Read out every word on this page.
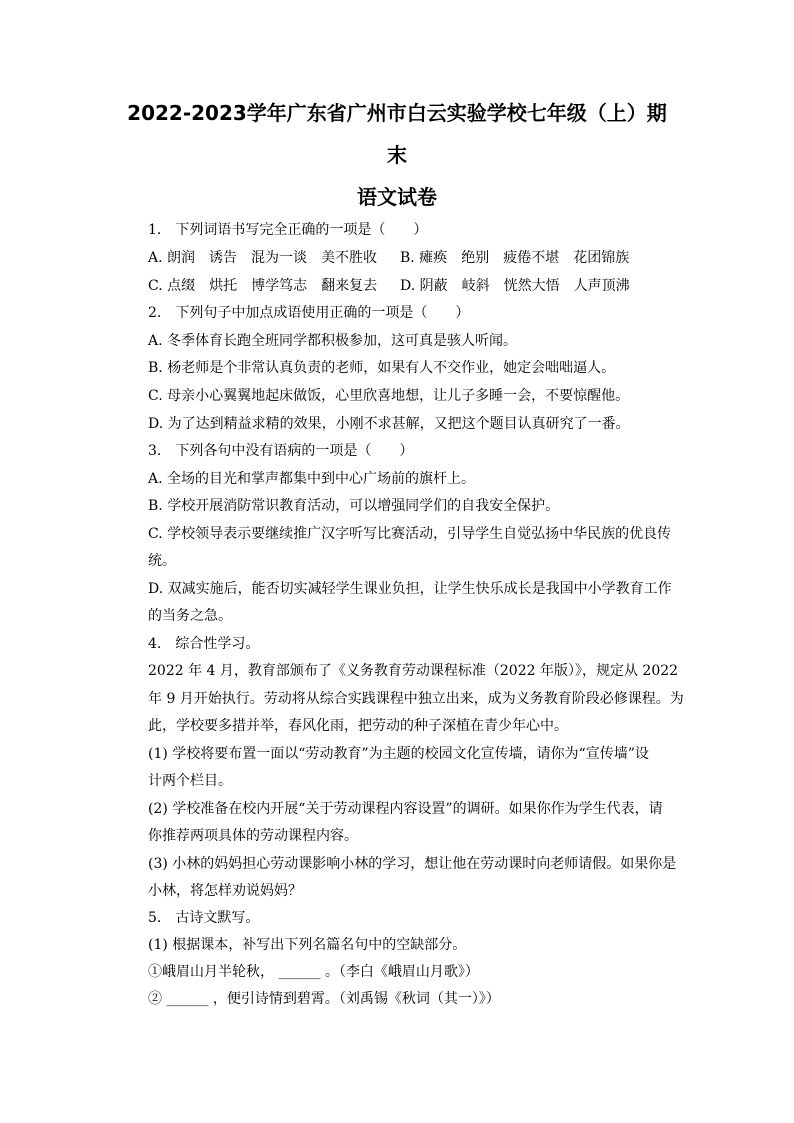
2022-2023学年广东省广州市白云实验学校七年级（上）期
末
语文试卷
1.　下列词语书写完全正确的一项是（　　）
A. 朗润　诱告　混为一谈　美不胜收 B. 瘫痪　绝别　疲倦不堪　花团锦族
C. 点缀　烘托　博学笃志　翻来复去 D. 阴蔽　岐斜　恍然大悟　人声顶沸
2.　下列句子中加点成语使用正确的一项是（　　）
A. 冬季体育长跑全班同学都积极参加，这可真是骇人听闻。
B. 杨老师是个非常认真负责的老师，如果有人不交作业，她定会咄咄逼人。
C. 母亲小心翼翼地起床做饭，心里欣喜地想，让儿子多睡一会，不要惊醒他。
D. 为了达到精益求精的效果，小刚不求甚解，又把这个题目认真研究了一番。
3.　下列各句中没有语病的一项是（　　）
A. 全场的目光和掌声都集中到中心广场前的旗杆上。
B. 学校开展消防常识教育活动，可以增强同学们的自我安全保护。
C. 学校领导表示要继续推广汉字听写比赛活动，引导学生自觉弘扬中华民族的优良传
统。
D. 双减实施后，能否切实减轻学生课业负担，让学生快乐成长是我国中小学教育工作
的当务之急。
4.　综合性学习。
2022 年 4 月，教育部颁布了《义务教育劳动课程标准（2022 年版）》，规定从 2022
年 9 月开始执行。劳动将从综合实践课程中独立出来，成为义务教育阶段必修课程。为
此，学校要多措并举，春风化雨，把劳动的种子深植在青少年心中。
(1) 学校将要布置一面以“劳动教育”为主题的校园文化宣传墙，请你为“宣传墙”设
计两个栏目。
(2) 学校准备在校内开展“关于劳动课程内容设置”的调研。如果你作为学生代表，请
你推荐两项具体的劳动课程内容。
(3) 小林的妈妈担心劳动课影响小林的学习，想让他在劳动课时向老师请假。如果你是
小林，将怎样劝说妈妈？
5.　古诗文默写。
(1) 根据课本，补写出下列名篇名句中的空缺部分。
①峨眉山月半轮秋， ______ 。（李白《峨眉山月歌》）
② ______ ，便引诗情到碧霄。（刘禹锡《秋词（其一）》）
